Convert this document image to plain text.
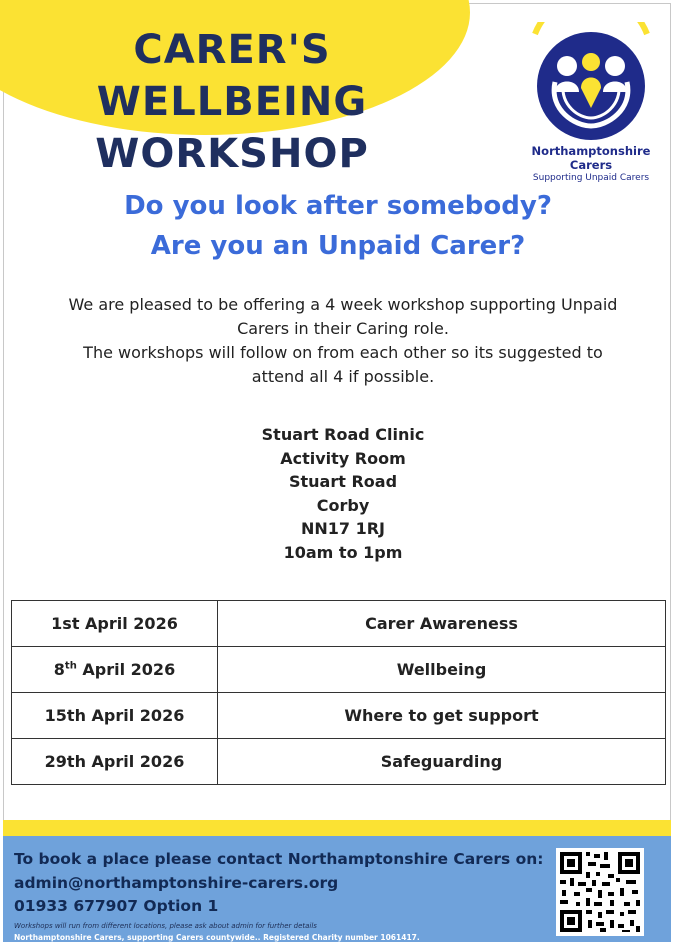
CARER'S WELLBEING
WORKSHOP	Northamptonshire Carers
Supporting Unpaid Carers
Do you look after somebody?
Are you an Unpaid Carer?
We are pleased to be offering a 4 week workshop supporting Unpaid
Carers in their Caring role.
The workshops will follow on from each other so its suggested to
attend all 4 if possible.
Stuart Road Clinic
Activity Room
Stuart Road
Corby
NN17 1RJ
10am to 1pm
1st April 2026	Carer Awareness
8th April 2026	Wellbeing
15th April 2026	Where to get support
29th April 2026	Safeguarding
To book a place please contact Northamptonshire Carers on:
admin@northamptonshire-carers.org
01933 677907 Option 1
Workshops will run from different locations, please ask about admin for further details
Northamptonshire Carers, supporting Carers countywide.. Registered Charity number 1061417.
